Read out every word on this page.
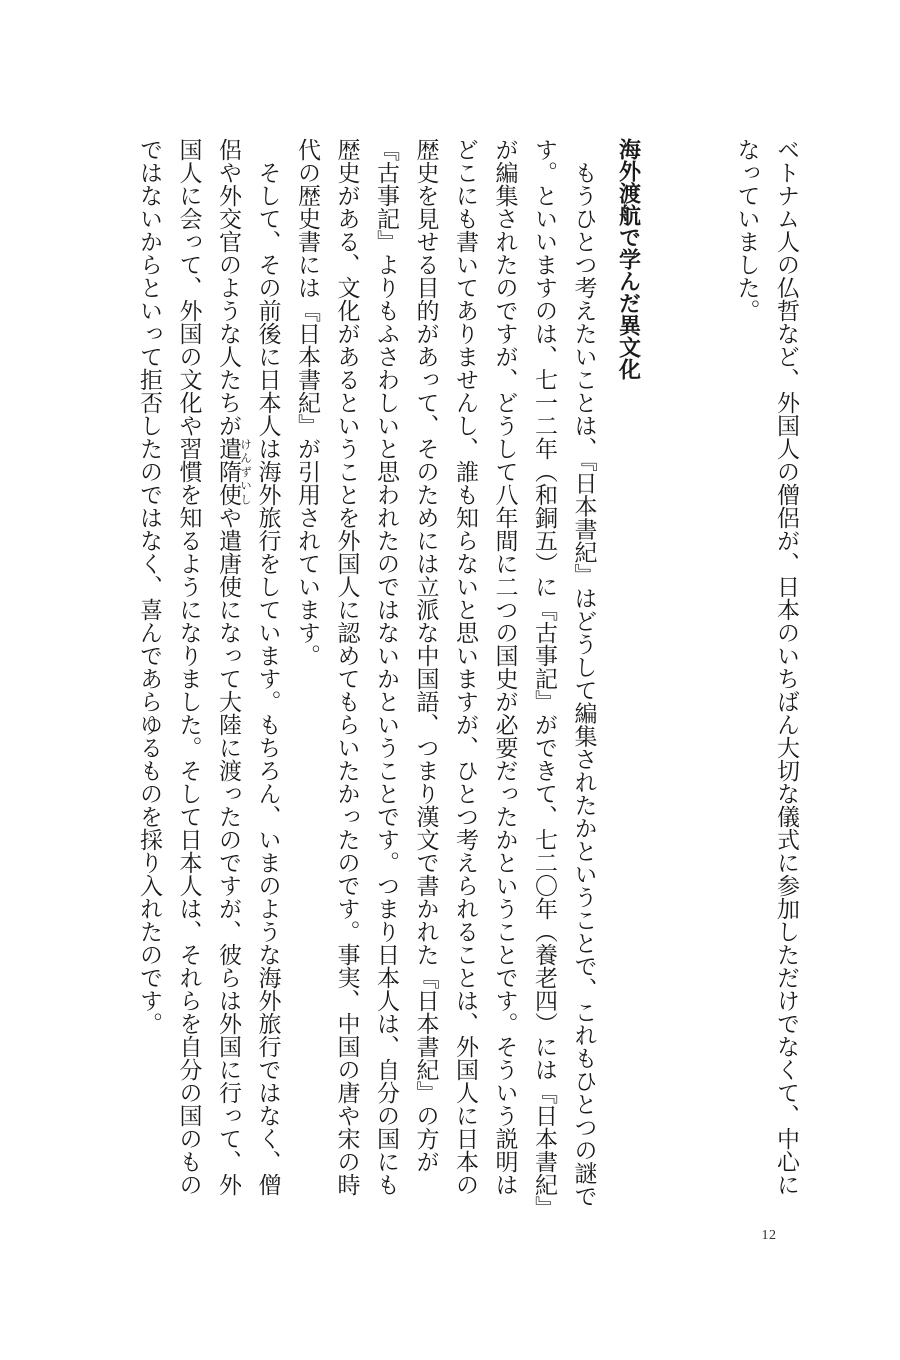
ベトナム人の仏哲など、外国人の僧侶が、日本のいちばん大切な儀式に参加しただけでなくて、中心になっていました。

海外渡航で学んだ異文化

もうひとつ考えたいことは、『日本書紀』はどうして編集されたかということで、これもひとつの謎です。といいますのは、七一二年（和銅五）に『古事記』ができて、七二〇年（養老四）には『日本書紀』が編集されたのですが、どうして八年間に二つの国史が必要だったかということです。そういう説明はどこにも書いてありませんし、誰も知らないと思いますが、ひとつ考えられることは、外国人に日本の歴史を見せる目的があって、そのためには立派な中国語、つまり漢文で書かれた『日本書紀』の方が『古事記』よりもふさわしいと思われたのではないかということです。つまり日本人は、自分の国にも歴史がある、文化があるということを外国人に認めてもらいたかったのです。事実、中国の唐や宋の時代の歴史書には『日本書紀』が引用されています。

そして、その前後に日本人は海外旅行をしています。もちろん、いまのような海外旅行ではなく、僧侶や外交官のような人たちが遣隋使けんずいしや遣唐使になって大陸に渡ったのですが、彼らは外国に行って、外国人に会って、外国の文化や習慣を知るようになりました。そして日本人は、それらを自分の国のものではないからといって拒否したのではなく、喜んであらゆるものを採り入れたのです。

12
